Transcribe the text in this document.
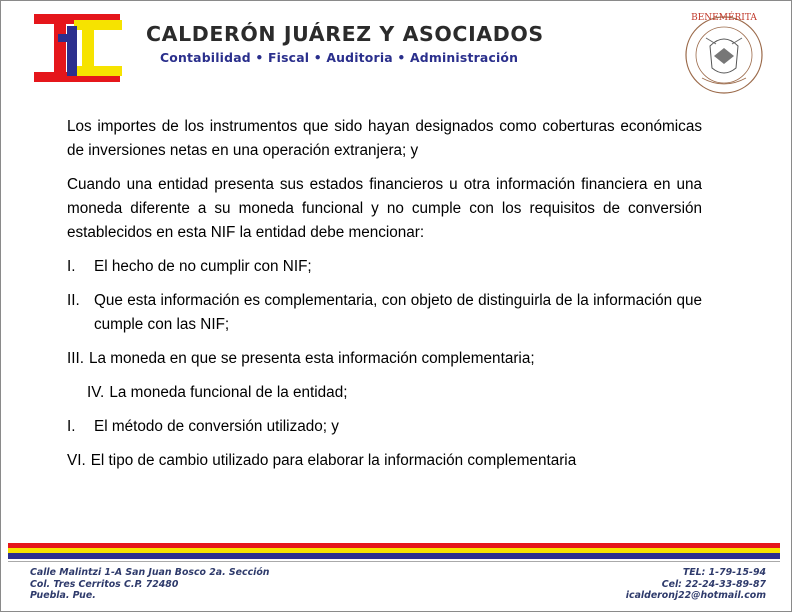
CALDERÓN JUÁREZ Y ASOCIADOS
Contabilidad • Fiscal • Auditoria • Administración
BENEMÉRITA

Los importes de los instrumentos que sido hayan designados como coberturas económicas de inversiones netas en una operación extranjera; y

Cuando una entidad presenta sus estados financieros u otra información financiera en una moneda diferente a su moneda funcional y no cumple con los requisitos de conversión establecidos en esta NIF la entidad debe mencionar:

I. El hecho de no cumplir con NIF;
II. Que esta información es complementaria, con objeto de distinguirla de la información que cumple con las NIF;
III. La moneda en que se presenta esta información complementaria;
IV. La moneda funcional de la entidad;
I. El método de conversión utilizado; y
VI. El tipo de cambio utilizado para elaborar la información complementaria
Calle Malintzi 1-A San Juan Bosco 2a. Sección
Col. Tres Cerritos C.P. 72480
Puebla. Pue.
TEL: 1-79-15-94
Cel: 22-24-33-89-87
icalderonj22@hotmail.com
